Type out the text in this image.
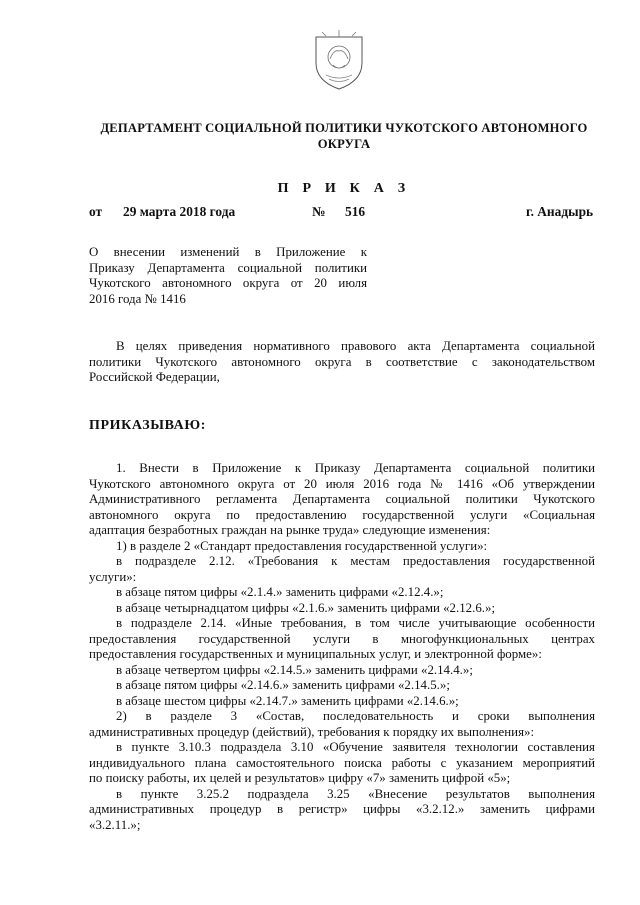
ДЕПАРТАМЕНТ СОЦИАЛЬНОЙ ПОЛИТИКИ ЧУКОТСКОГО АВТОНОМНОГО
ОКРУГА
П Р И К А З
от 29 марта 2018 года	№ 516	г. Анадырь
О внесении изменений в Приложение к
Приказу Департамента социальной политики
Чукотского автономного округа от 20 июля
2016 года № 1416
В целях приведения нормативного правового акта Департамента социальной
политики Чукотского автономного округа в соответствие с законодательством
Российской Федерации,
ПРИКАЗЫВАЮ:
1. Внести в Приложение к Приказу Департамента социальной политики
Чукотского автономного округа от 20 июля 2016 года № 1416 «Об утверждении
Административного регламента Департамента социальной политики Чукотского
автономного округа по предоставлению государственной услуги «Социальная
адаптация безработных граждан на рынке труда» следующие изменения:
1) в разделе 2 «Стандарт предоставления государственной услуги»:
в подразделе 2.12. «Требования к местам предоставления государственной
услуги»:
в абзаце пятом цифры «2.1.4.» заменить цифрами «2.12.4.»;
в абзаце четырнадцатом цифры «2.1.6.» заменить цифрами «2.12.6.»;
в подразделе 2.14. «Иные требования, в том числе учитывающие особенности
предоставления государственной услуги в многофункциональных центрах
предоставления государственных и муниципальных услуг, и электронной форме»:
в абзаце четвертом цифры «2.14.5.» заменить цифрами «2.14.4.»;
в абзаце пятом цифры «2.14.6.» заменить цифрами «2.14.5.»;
в абзаце шестом цифры «2.14.7.» заменить цифрами «2.14.6.»;
2) в разделе 3 «Состав, последовательность и сроки выполнения
административных процедур (действий), требования к порядку их выполнения»:
в пункте 3.10.3 подраздела 3.10 «Обучение заявителя технологии составления
индивидуального плана самостоятельного поиска работы с указанием мероприятий
по поиску работы, их целей и результатов» цифру «7» заменить цифрой «5»;
в пункте 3.25.2 подраздела 3.25 «Внесение результатов выполнения
административных процедур в регистр» цифры «3.2.12.» заменить цифрами
«3.2.11.»;
